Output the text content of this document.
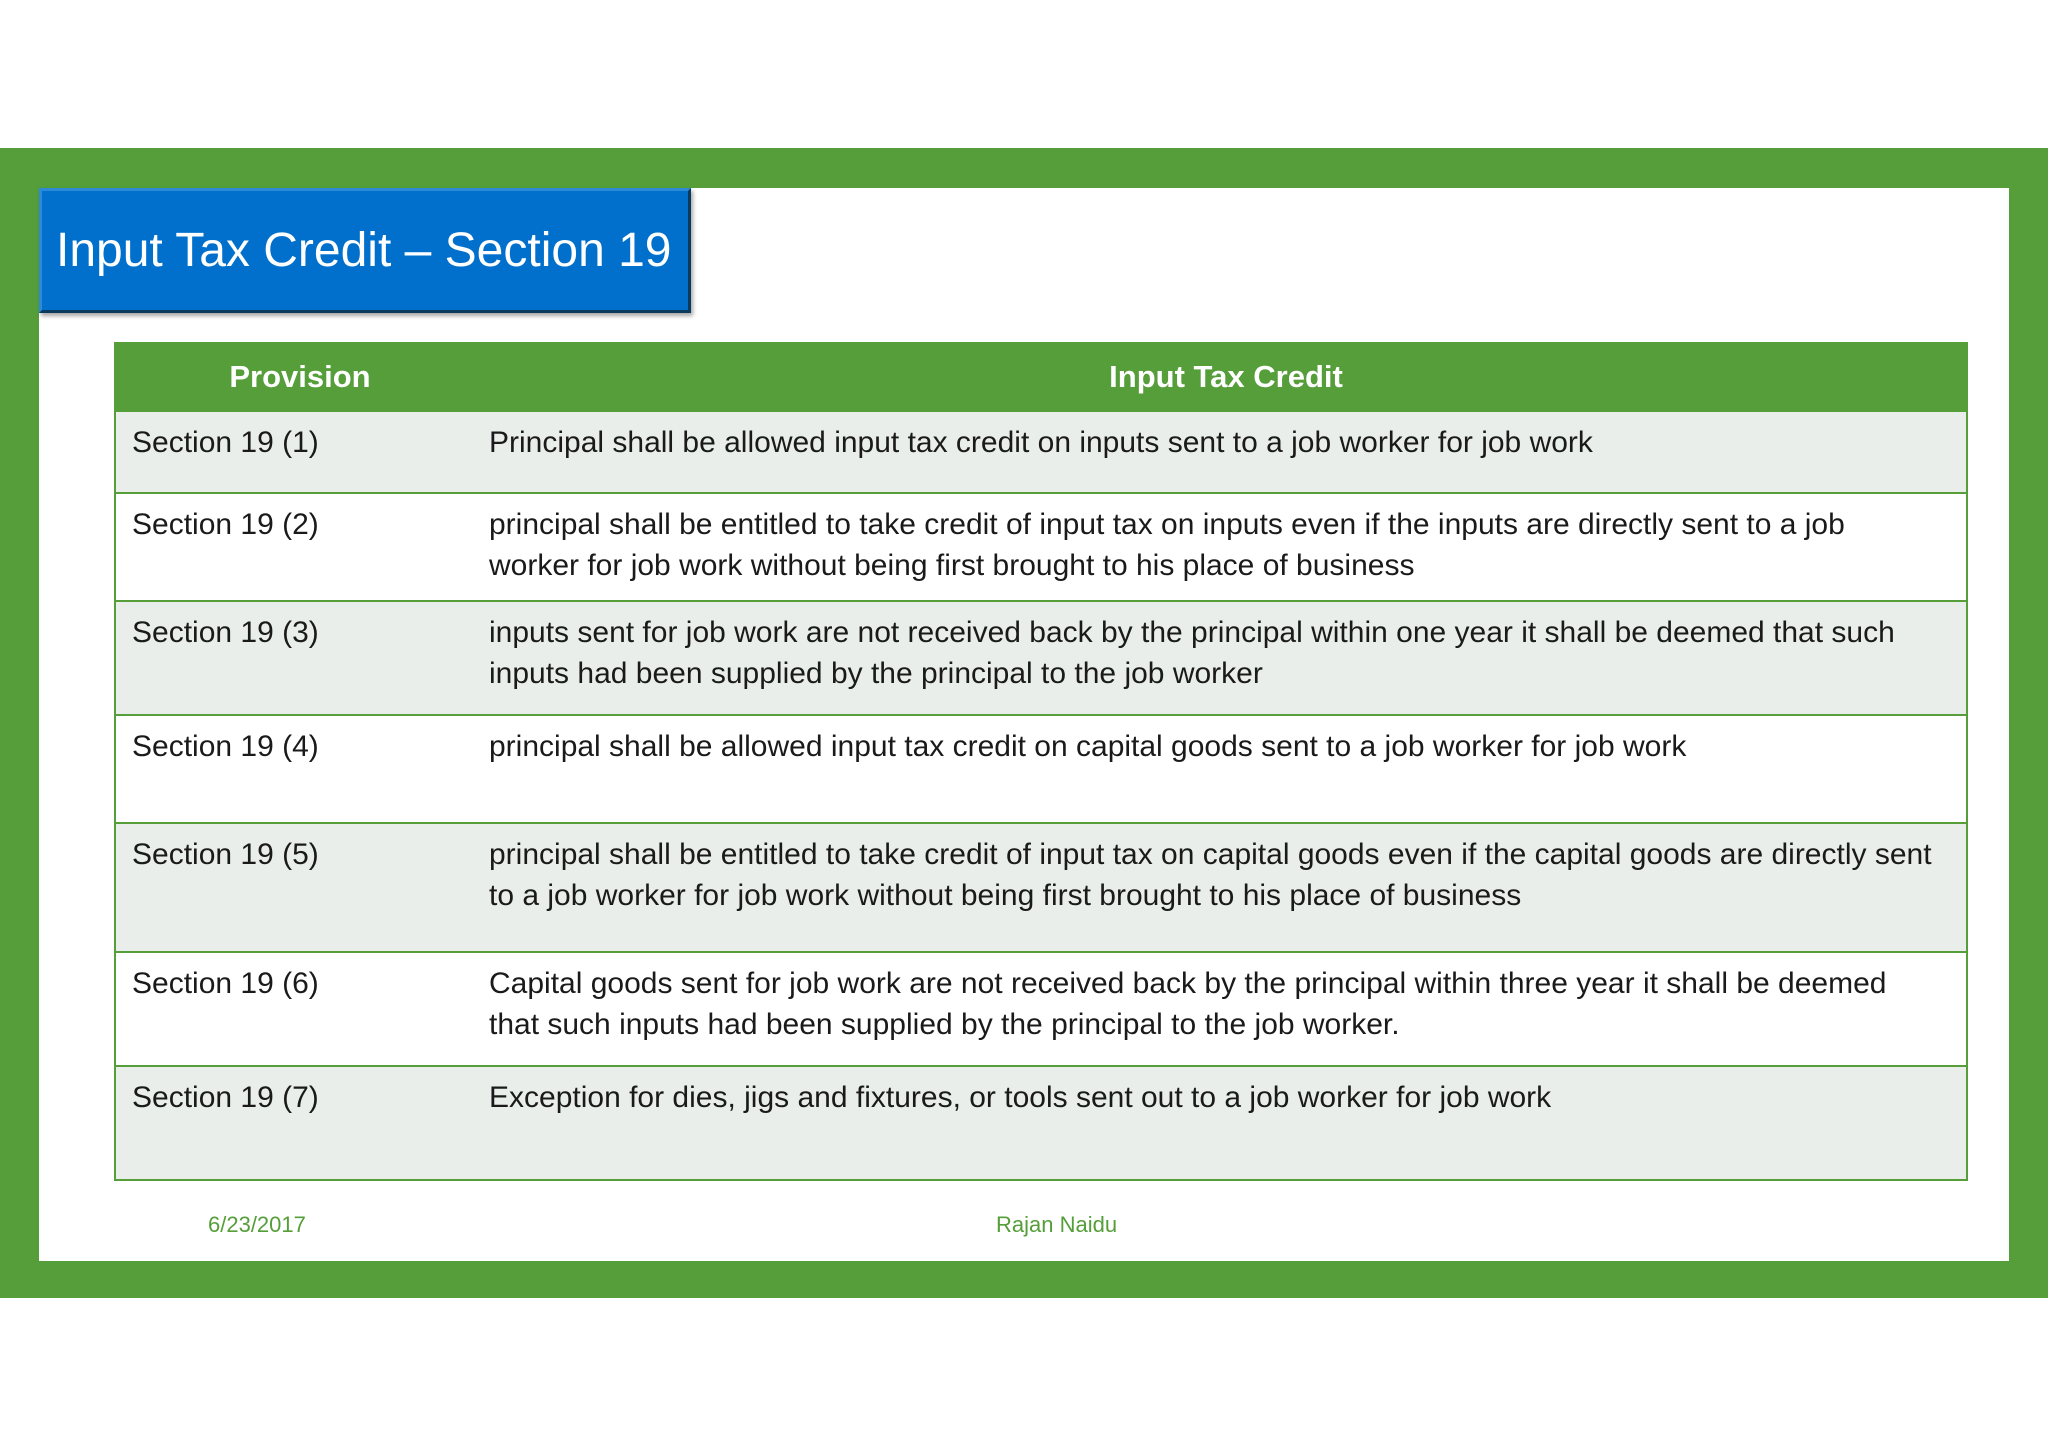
Input Tax Credit – Section 19
Provision	Input Tax Credit
Section 19 (1)	Principal shall be allowed input tax credit on inputs sent to a job worker for job work
Section 19 (2)	principal shall be entitled to take credit of input tax on inputs even if the inputs are directly sent to a job worker for job work without being first brought to his place of business
Section 19 (3)	inputs sent for job work are not received back by the principal within one year it shall be deemed that such inputs had been supplied by the principal to the job worker
Section 19 (4)	principal shall be allowed input tax credit on capital goods sent to a job worker for job work
Section 19 (5)	principal shall be entitled to take credit of input tax on capital goods even if the capital goods are directly sent to a job worker for job work without being first brought to his place of business
Section 19 (6)	Capital goods sent for job work are not received back by the principal within three year it shall be deemed that such inputs had been supplied by the principal to the job worker.
Section 19 (7)	Exception for dies, jigs and fixtures, or tools sent out to a job worker for job work
6/23/2017	Rajan Naidu
